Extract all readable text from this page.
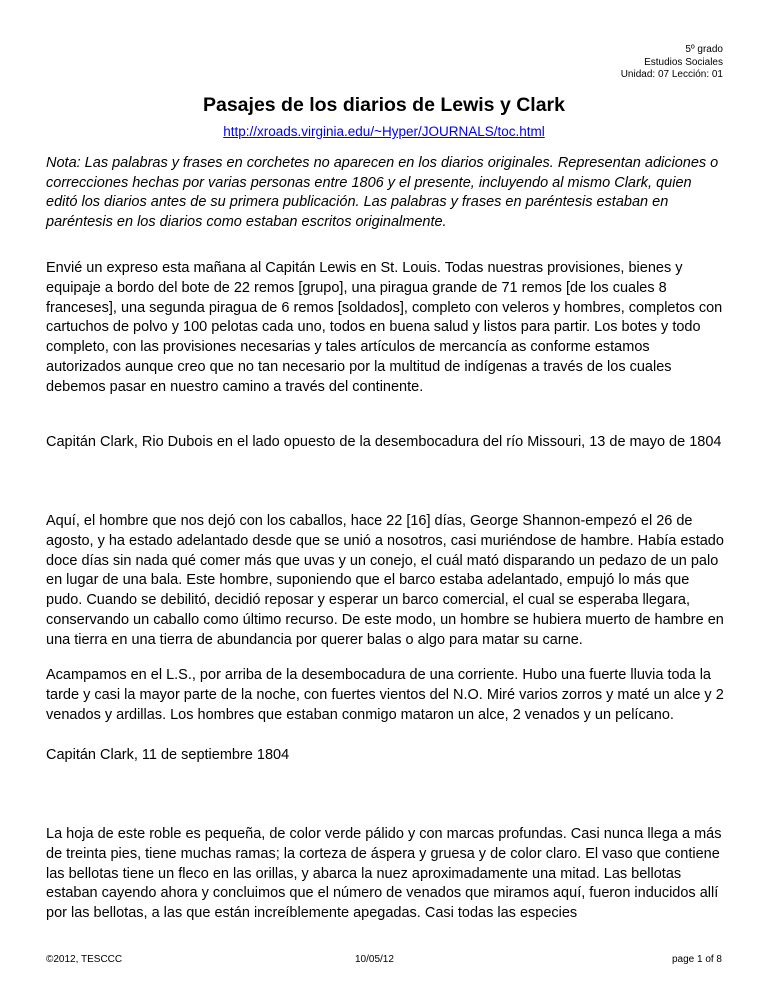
5º grado
Estudios Sociales
Unidad: 07 Lección: 01
Pasajes de los diarios de Lewis y Clark
http://xroads.virginia.edu/~Hyper/JOURNALS/toc.html

Nota: Las palabras y frases en corchetes no aparecen en los diarios originales. Representan adiciones o correcciones hechas por varias personas entre 1806 y el presente, incluyendo al mismo Clark, quien editó los diarios antes de su primera publicación. Las palabras y frases en paréntesis estaban en paréntesis en los diarios como estaban escritos originalmente.

Envié un expreso esta mañana al Capitán Lewis en St. Louis. Todas nuestras provisiones, bienes y equipaje a bordo del bote de 22 remos [grupo], una piragua grande de 71 remos [de los cuales 8 franceses], una segunda piragua de 6 remos [soldados], completo con veleros y hombres, completos con cartuchos de polvo y 100 pelotas cada uno, todos en buena salud y listos para partir. Los botes y todo completo, con las provisiones necesarias y tales artículos de mercancía as conforme estamos autorizados aunque creo que no tan necesario por la multitud de indígenas a través de los cuales debemos pasar en nuestro camino a través del continente.

Capitán Clark, Rio Dubois en el lado opuesto de la desembocadura del río Missouri, 13 de mayo de 1804

Aquí, el hombre que nos dejó con los caballos, hace 22 [16] días, George Shannon-empezó el 26 de agosto, y ha estado adelantado desde que se unió a nosotros, casi muriéndose de hambre. Había estado doce días sin nada qué comer más que uvas y un conejo, el cuál mató disparando un pedazo de un palo en lugar de una bala. Este hombre, suponiendo que el barco estaba adelantado, empujó lo más que pudo. Cuando se debilitó, decidió reposar y esperar un barco comercial, el cual se esperaba llegara, conservando un caballo como último recurso. De este modo, un hombre se hubiera muerto de hambre en una tierra en una tierra de abundancia por querer balas o algo para matar su carne.

Acampamos en el L.S., por arriba de la desembocadura de una corriente. Hubo una fuerte lluvia toda la tarde y casi la mayor parte de la noche, con fuertes vientos del N.O. Miré varios zorros y maté un alce y 2 venados y ardillas. Los hombres que estaban conmigo mataron un alce, 2 venados y un pelícano.

Capitán Clark, 11 de septiembre 1804

La hoja de este roble es pequeña, de color verde pálido y con marcas profundas. Casi nunca llega a más de treinta pies, tiene muchas ramas; la corteza de áspera y gruesa y de color claro. El vaso que contiene las bellotas tiene un fleco en las orillas, y abarca la nuez aproximadamente una mitad. Las bellotas estaban cayendo ahora y concluimos que el número de venados que miramos aquí, fueron inducidos allí por las bellotas, a las que están increíblemente apegadas. Casi todas las especies

©2012, TESCCC	10/05/12	page 1 of 8
